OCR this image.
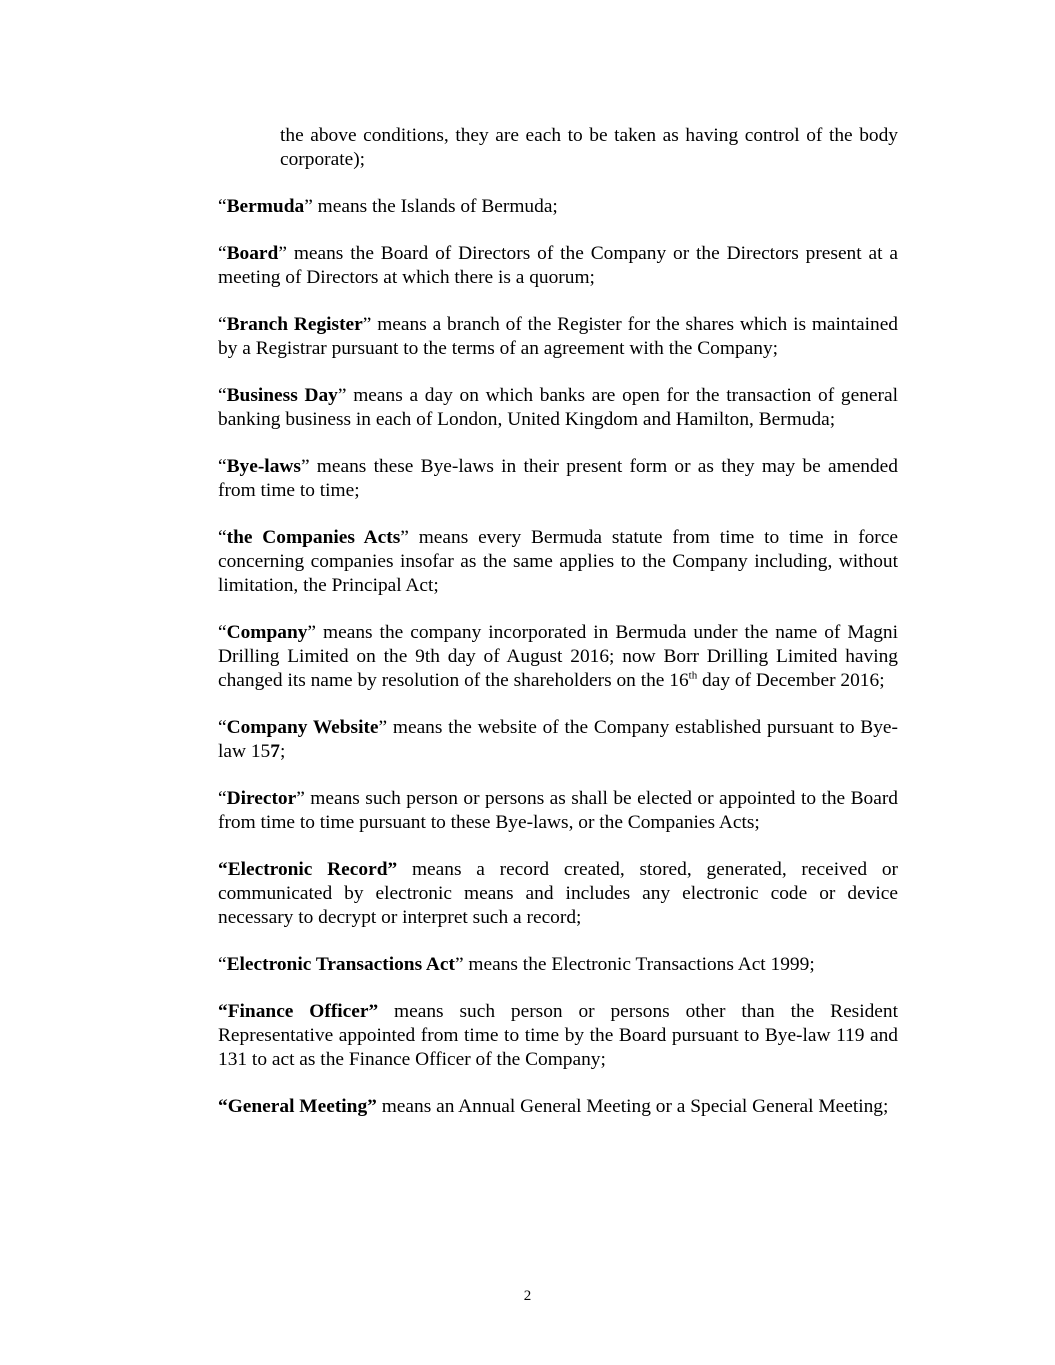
the above conditions, they are each to be taken as having control of the body corporate);

“Bermuda” means the Islands of Bermuda;

“Board” means the Board of Directors of the Company or the Directors present at a meeting of Directors at which there is a quorum;

“Branch Register” means a branch of the Register for the shares which is maintained by a Registrar pursuant to the terms of an agreement with the Company;

“Business Day” means a day on which banks are open for the transaction of general banking business in each of London, United Kingdom and Hamilton, Bermuda;

“Bye-laws” means these Bye-laws in their present form or as they may be amended from time to time;

“the Companies Acts” means every Bermuda statute from time to time in force concerning companies insofar as the same applies to the Company including, without limitation, the Principal Act;

“Company” means the company incorporated in Bermuda under the name of Magni Drilling Limited on the 9th day of August 2016; now Borr Drilling Limited having changed its name by resolution of the shareholders on the 16th day of December 2016;

“Company Website” means the website of the Company established pursuant to Bye-law 157;

“Director” means such person or persons as shall be elected or appointed to the Board from time to time pursuant to these Bye-laws, or the Companies Acts;

“Electronic Record” means a record created, stored, generated, received or communicated by electronic means and includes any electronic code or device necessary to decrypt or interpret such a record;

“Electronic Transactions Act” means the Electronic Transactions Act 1999;

“Finance Officer” means such person or persons other than the Resident Representative appointed from time to time by the Board pursuant to Bye-law 119 and 131 to act as the Finance Officer of the Company;

“General Meeting” means an Annual General Meeting or a Special General Meeting;

2
